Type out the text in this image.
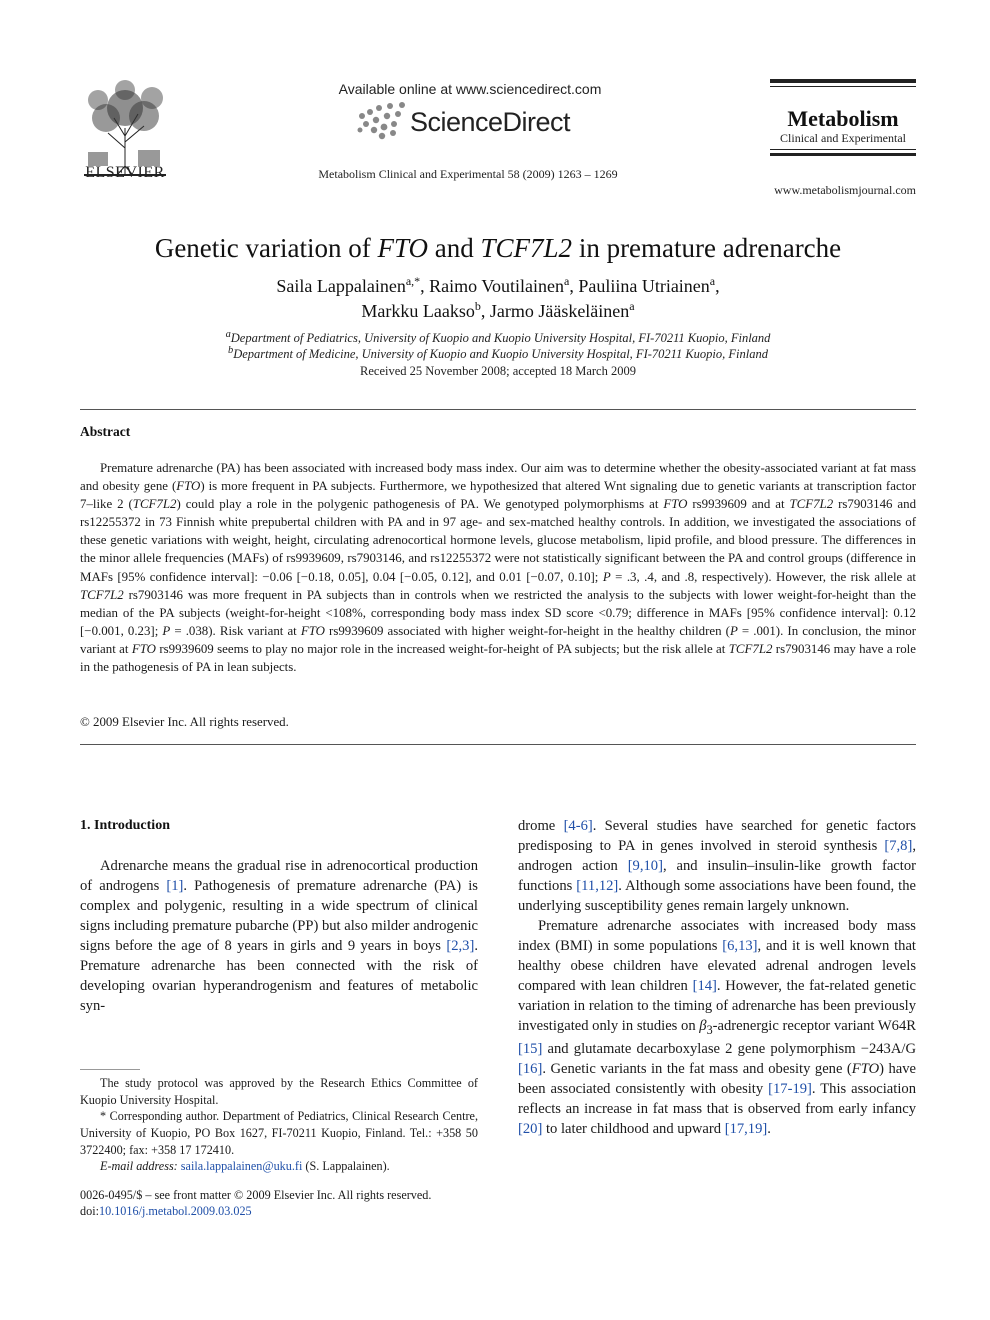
ELSEVIER
Available online at www.sciencedirect.com
ScienceDirect
Metabolism Clinical and Experimental 58 (2009) 1263 – 1269
Metabolism
Clinical and Experimental
www.metabolismjournal.com
Genetic variation of FTO and TCF7L2 in premature adrenarche
Saila Lappalainen$^{a,*}$, Raimo Voutilainen$^a$, Pauliina Utriainen$^a$,
Markku Laakso$^b$, Jarmo Jääskeläinen$^a$
$^a$Department of Pediatrics, University of Kuopio and Kuopio University Hospital, FI-70211 Kuopio, Finland
$^b$Department of Medicine, University of Kuopio and Kuopio University Hospital, FI-70211 Kuopio, Finland
Received 25 November 2008; accepted 18 March 2009
Abstract
Premature adrenarche (PA) has been associated with increased body mass index. Our aim was to determine whether the obesity-associated variant at fat mass and obesity gene (FTO) is more frequent in PA subjects. Furthermore, we hypothesized that altered Wnt signaling due to genetic variants at transcription factor 7–like 2 (TCF7L2) could play a role in the polygenic pathogenesis of PA. We genotyped polymorphisms at FTO rs9939609 and at TCF7L2 rs7903146 and rs12255372 in 73 Finnish white prepubertal children with PA and in 97 age- and sex-matched healthy controls. In addition, we investigated the associations of these genetic variations with weight, height, circulating adrenocortical hormone levels, glucose metabolism, lipid profile, and blood pressure. The differences in the minor allele frequencies (MAFs) of rs9939609, rs7903146, and rs12255372 were not statistically significant between the PA and control groups (difference in MAFs [95% confidence interval]: −0.06 [−0.18, 0.05], 0.04 [−0.05, 0.12], and 0.01 [−0.07, 0.10]; P = .3, .4, and .8, respectively). However, the risk allele at TCF7L2 rs7903146 was more frequent in PA subjects than in controls when we restricted the analysis to the subjects with lower weight-for-height than the median of the PA subjects (weight-for-height <108%, corresponding body mass index SD score <0.79; difference in MAFs [95% confidence interval]: 0.12 [−0.001, 0.23]; P = .038). Risk variant at FTO rs9939609 associated with higher weight-for-height in the healthy children (P = .001). In conclusion, the minor variant at FTO rs9939609 seems to play no major role in the increased weight-for-height of PA subjects; but the risk allele at TCF7L2 rs7903146 may have a role in the pathogenesis of PA in lean subjects.
© 2009 Elsevier Inc. All rights reserved.
1. Introduction
Adrenarche means the gradual rise in adrenocortical production of androgens [1]. Pathogenesis of premature adrenarche (PA) is complex and polygenic, resulting in a wide spectrum of clinical signs including premature pubarche (PP) but also milder androgenic signs before the age of 8 years in girls and 9 years in boys [2,3]. Premature adrenarche has been connected with the risk of developing ovarian hyperandrogenism and features of metabolic syn-

drome [4-6]. Several studies have searched for genetic factors predisposing to PA in genes involved in steroid synthesis [7,8], androgen action [9,10], and insulin–insulin-like growth factor functions [11,12]. Although some associations have been found, the underlying susceptibility genes remain largely unknown.

Premature adrenarche associates with increased body mass index (BMI) in some populations [6,13], and it is well known that healthy obese children have elevated adrenal androgen levels compared with lean children [14]. However, the fat-related genetic variation in relation to the timing of adrenarche has been previously investigated only in studies on $\beta_3$-adrenergic receptor variant W64R [15] and glutamate decarboxylase 2 gene polymorphism −243A/G [16]. Genetic variants in the fat mass and obesity gene (FTO) have been associated consistently with obesity [17-19]. This association reflects an increase in fat mass that is observed from early infancy [20] to later childhood and upward [17,19].

The study protocol was approved by the Research Ethics Committee of Kuopio University Hospital.
* Corresponding author. Department of Pediatrics, Clinical Research Centre, University of Kuopio, PO Box 1627, FI-70211 Kuopio, Finland. Tel.: +358 50 3722400; fax: +358 17 172410.
E-mail address: saila.lappalainen@uku.fi (S. Lappalainen).
0026-0495/$ – see front matter © 2009 Elsevier Inc. All rights reserved.
doi:10.1016/j.metabol.2009.03.025
